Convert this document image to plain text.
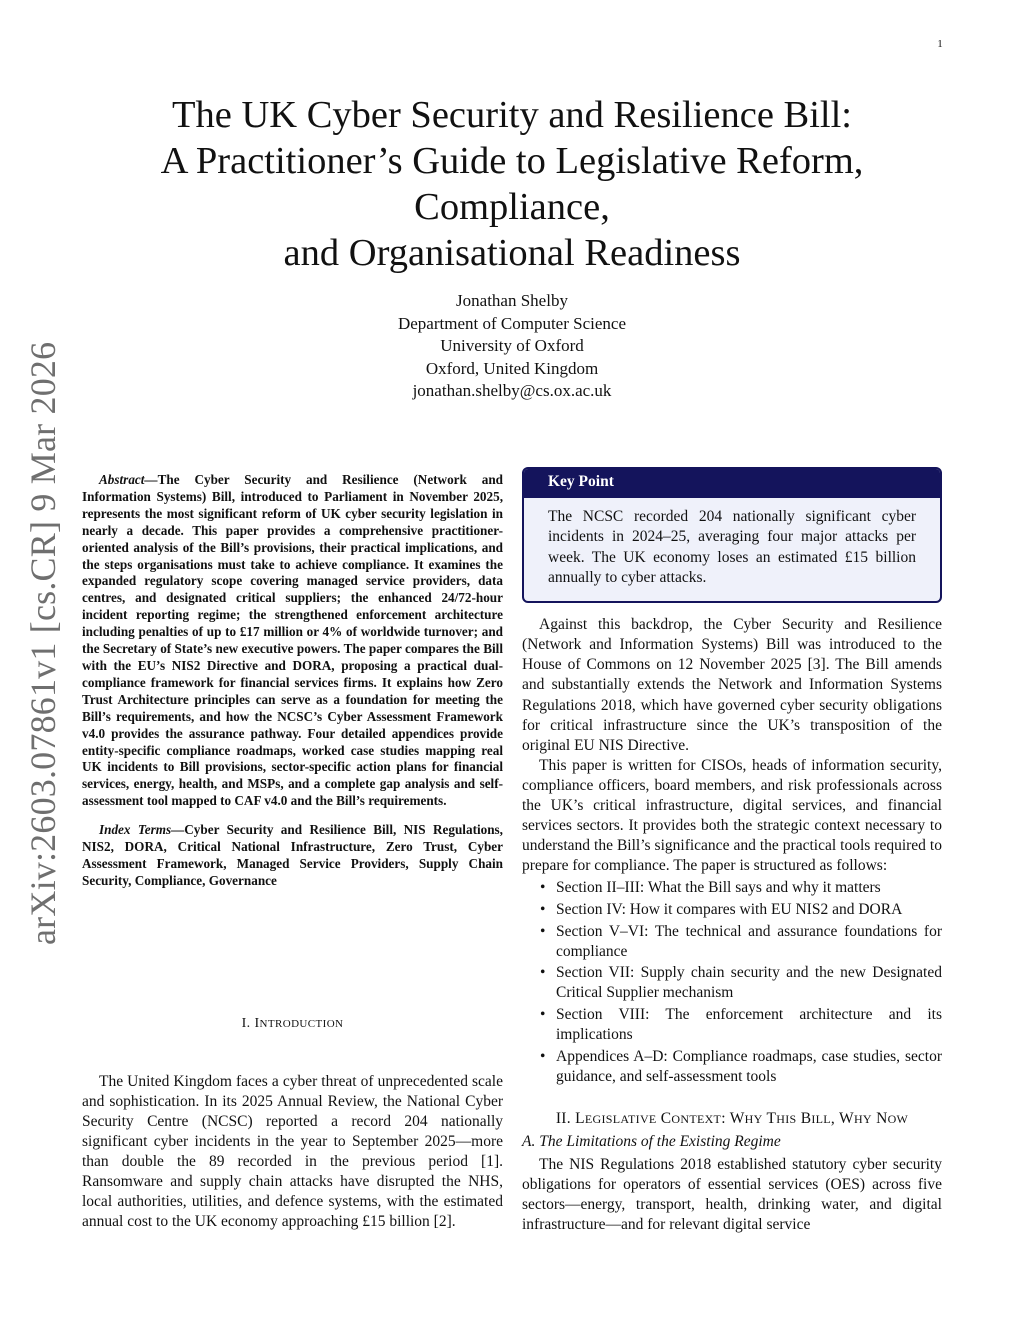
1
arXiv:2603.07861v1 [cs.CR] 9 Mar 2026
The UK Cyber Security and Resilience Bill:
A Practitioner’s Guide to Legislative Reform,
Compliance,
and Organisational Readiness
Jonathan Shelby
Department of Computer Science
University of Oxford
Oxford, United Kingdom
jonathan.shelby@cs.ox.ac.uk

Abstract—The Cyber Security and Resilience (Network and Information Systems) Bill, introduced to Parliament in November 2025, represents the most significant reform of UK cyber security legislation in nearly a decade. This paper provides a comprehensive practitioner-oriented analysis of the Bill’s provisions, their practical implications, and the steps organisations must take to achieve compliance. It examines the expanded regulatory scope covering managed service providers, data centres, and designated critical suppliers; the enhanced 24/72-hour incident reporting regime; the strengthened enforcement architecture including penalties of up to £17 million or 4% of worldwide turnover; and the Secretary of State’s new executive powers. The paper compares the Bill with the EU’s NIS2 Directive and DORA, proposing a practical dual-compliance framework for financial services firms. It explains how Zero Trust Architecture principles can serve as a foundation for meeting the Bill’s requirements, and how the NCSC’s Cyber Assessment Framework v4.0 provides the assurance pathway. Four detailed appendices provide entity-specific compliance roadmaps, worked case studies mapping real UK incidents to Bill provisions, sector-specific action plans for financial services, energy, health, and MSPs, and a complete gap analysis and self-assessment tool mapped to CAF v4.0 and the Bill’s requirements.

Index Terms—Cyber Security and Resilience Bill, NIS Regulations, NIS2, DORA, Critical National Infrastructure, Zero Trust, Cyber Assessment Framework, Managed Service Providers, Supply Chain Security, Compliance, Governance

I. INTRODUCTION

The United Kingdom faces a cyber threat of unprecedented scale and sophistication. In its 2025 Annual Review, the National Cyber Security Centre (NCSC) reported a record 204 nationally significant cyber incidents in the year to September 2025—more than double the 89 recorded in the previous period [1]. Ransomware and supply chain attacks have disrupted the NHS, local authorities, utilities, and defence systems, with the estimated annual cost to the UK economy approaching £15 billion [2].

Key Point
The NCSC recorded 204 nationally significant cyber incidents in 2024–25, averaging four major attacks per week. The UK economy loses an estimated £15 billion annually to cyber attacks.

Against this backdrop, the Cyber Security and Resilience (Network and Information Systems) Bill was introduced to the House of Commons on 12 November 2025 [3]. The Bill amends and substantially extends the Network and Information Systems Regulations 2018, which have governed cyber security obligations for critical infrastructure since the UK’s transposition of the original EU NIS Directive.

This paper is written for CISOs, heads of information security, compliance officers, board members, and risk professionals across the UK’s critical infrastructure, digital services, and financial services sectors. It provides both the strategic context necessary to understand the Bill’s significance and the practical tools required to prepare for compliance. The paper is structured as follows:

• Section II–III: What the Bill says and why it matters
• Section IV: How it compares with EU NIS2 and DORA
• Section V–VI: The technical and assurance foundations for compliance
• Section VII: Supply chain security and the new Designated Critical Supplier mechanism
• Section VIII: The enforcement architecture and its implications
• Appendices A–D: Compliance roadmaps, case studies, sector guidance, and self-assessment tools
II. LEGISLATIVE CONTEXT: WHY THIS BILL, WHY NOW
A. The Limitations of the Existing Regime

The NIS Regulations 2018 established statutory cyber security obligations for operators of essential services (OES) across five sectors—energy, transport, health, drinking water, and digital infrastructure—and for relevant digital service
